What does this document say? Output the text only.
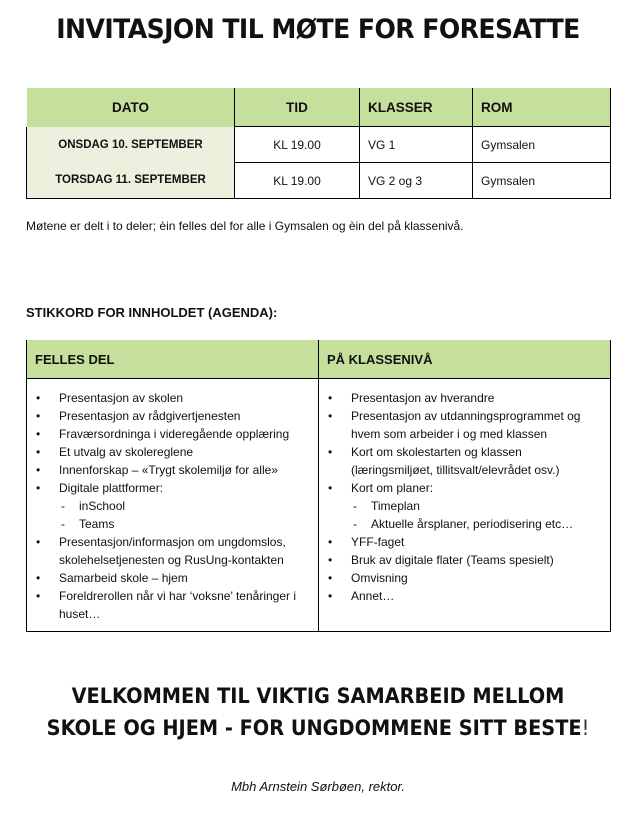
INVITASJON TIL MØTE FOR FORESATTE
DATO	TID	KLASSER	ROM
ONSDAG 10. SEPTEMBER	KL 19.00	VG 1	Gymsalen
TORSDAG 11. SEPTEMBER	KL 19.00	VG 2 og 3	Gymsalen
Møtene er delt i to deler; èin felles del for alle i Gymsalen og èin del på klassenivå.
STIKKORD FOR INNHOLDET (AGENDA):
FELLES DEL	PÅ KLASSENIVÅ

• Presentasjon av skolen
• Presentasjon av rådgivertjenesten
• Fraværsordninga i videregående opplæring
• Et utvalg av skolereglene
• Innenforskap – «Trygt skolemiljø for alle»
• Digitale plattformer:
- inSchool
- Teams
• Presentasjon/informasjon om ungdomslos, skolehelsetjenesten og RusUng-kontakten
• Samarbeid skole – hjem
• Foreldrerollen når vi har ‘voksne’ tenåringer i huset…

• Presentasjon av hverandre
• Presentasjon av utdanningsprogrammet og hvem som arbeider i og med klassen
• Kort om skolestarten og klassen (læringsmiljøet, tillitsvalt/elevrådet osv.)
• Kort om planer:
- Timeplan
- Aktuelle årsplaner, periodisering etc…
• YFF-faget
• Bruk av digitale flater (Teams spesielt)
• Omvisning
• Annet…
VELKOMMEN TIL VIKTIG SAMARBEID MELLOM
SKOLE OG HJEM - FOR UNGDOMMENE SITT BESTE!
Mbh Arnstein Sørbøen, rektor.
